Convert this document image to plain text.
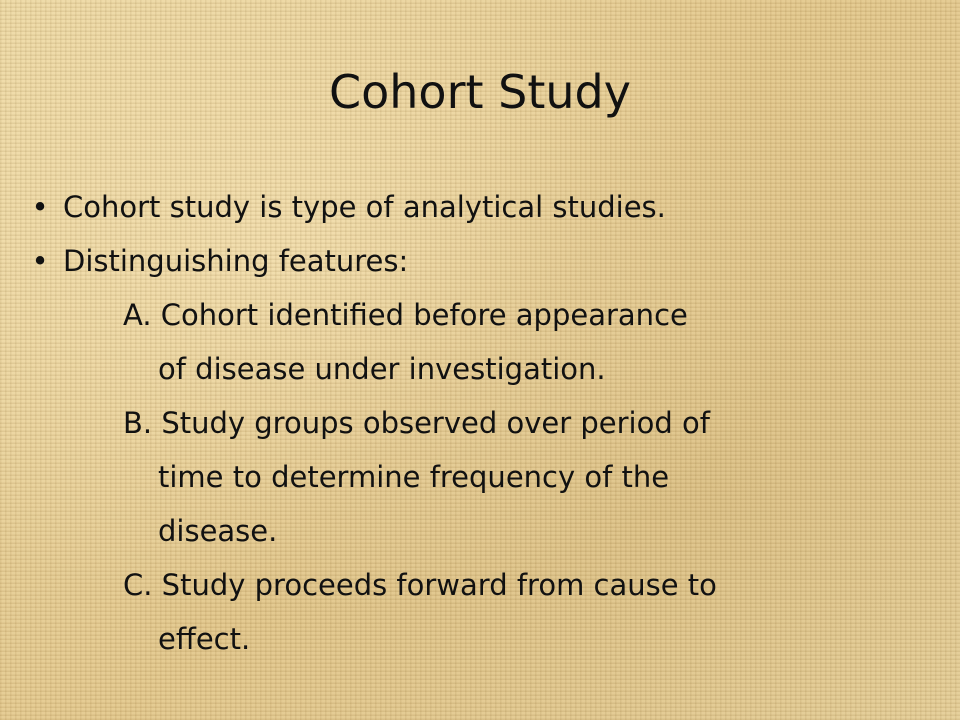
Cohort Study
• Cohort study is type of analytical studies.
• Distinguishing features:
A. Cohort identified before appearance
of disease under investigation.
B. Study groups observed over period of
time to determine frequency of the
disease.
C. Study proceeds forward from cause to
effect.
